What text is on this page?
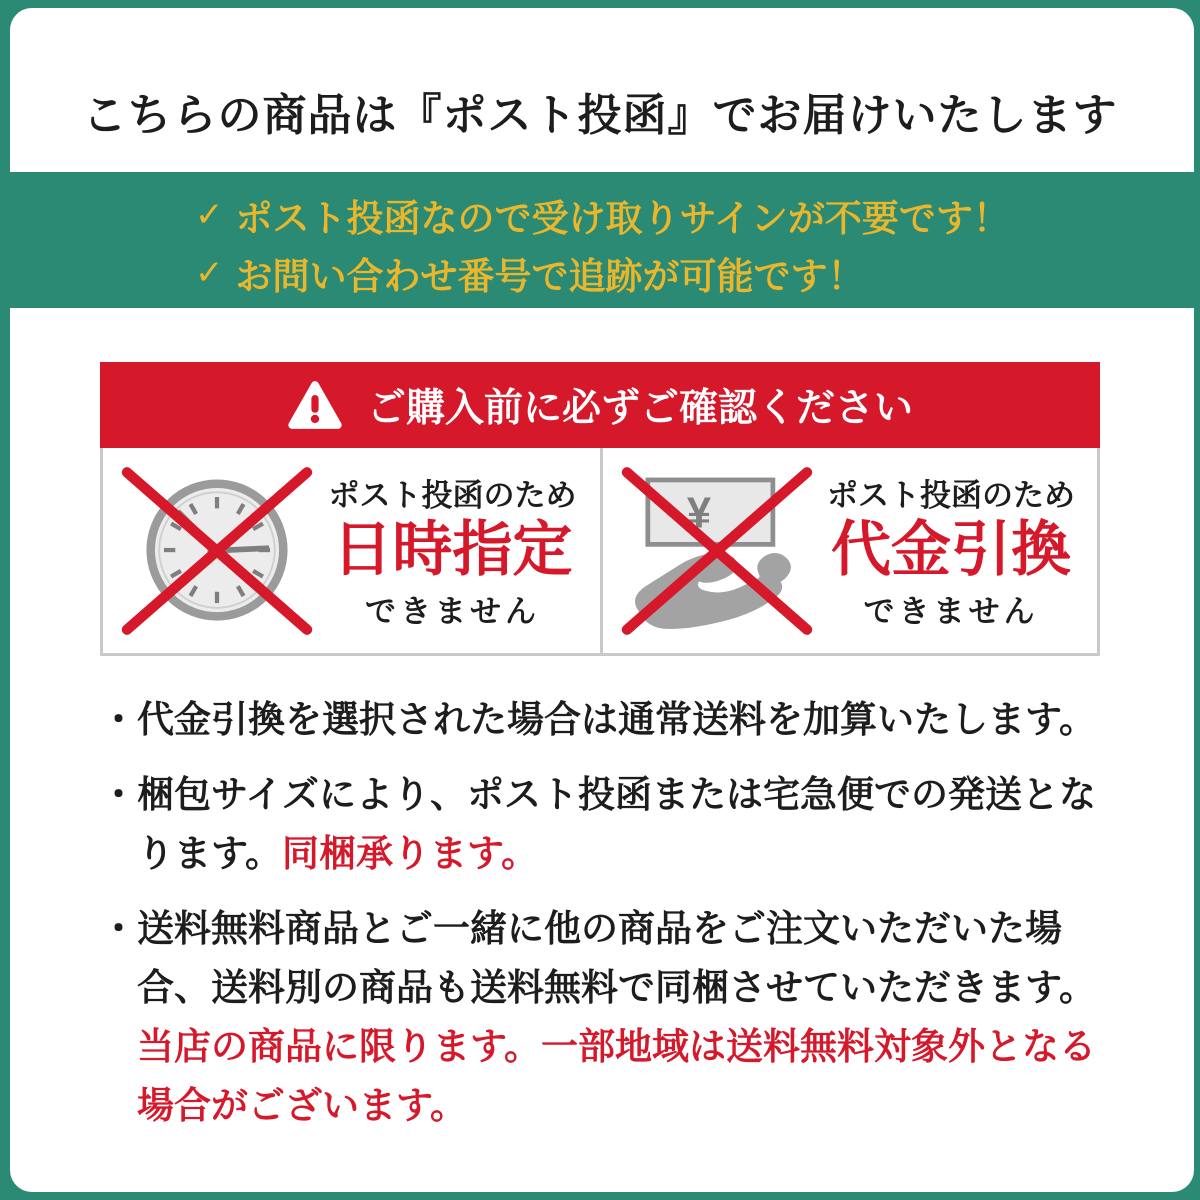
こちらの商品は『ポスト投函』でお届けいたします
✓ ポスト投函なので受け取りサインが不要です！
✓ お問い合わせ番号で追跡が可能です！
ご購入前に必ずご確認ください
ポスト投函のため
日時指定
できません
¥	ポスト投函のため
代金引換
できません

・代金引換を選択された場合は通常送料を加算いたします。

・梱包サイズにより、ポスト投函または宅急便での発送となります。同梱承ります。

・送料無料商品とご一緒に他の商品をご注文いただいた場合、送料別の商品も送料無料で同梱させていただきます。当店の商品に限ります。一部地域は送料無料対象外となる場合がございます。
